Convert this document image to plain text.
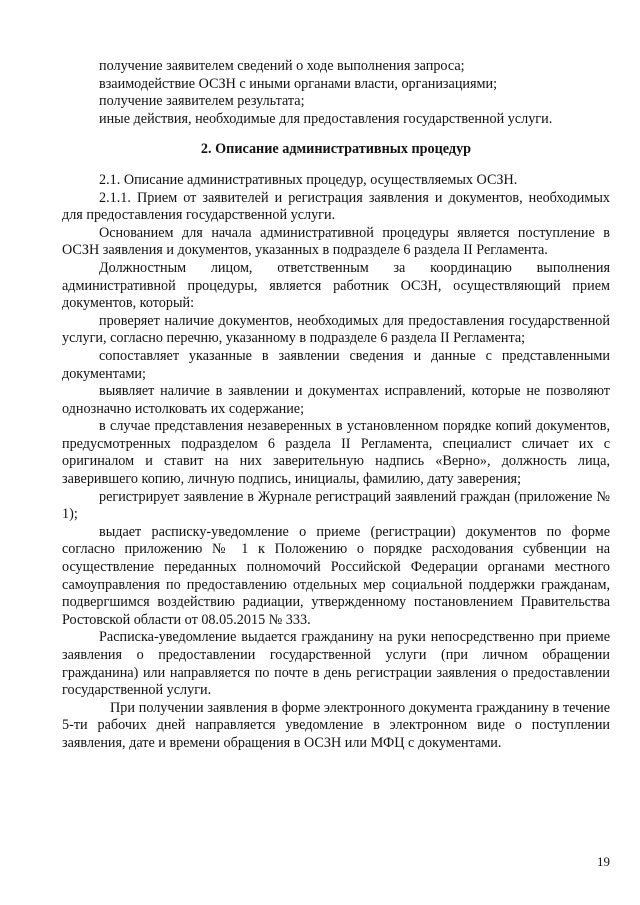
получение заявителем сведений о ходе выполнения запроса;

взаимодействие ОСЗН с иными органами власти, организациями;

получение заявителем результата;

иные действия, необходимые для предоставления государственной услуги.

2. Описание административных процедур

2.1. Описание административных процедур, осуществляемых ОСЗН.

2.1.1. Прием от заявителей и регистрация заявления и документов, необходимых для предоставления государственной услуги.

Основанием для начала административной процедуры является поступление в ОСЗН заявления и документов, указанных в подразделе 6 раздела II Регламента.

Должностным лицом, ответственным за координацию выполнения административной процедуры, является работник ОСЗН, осуществляющий прием документов, который:

проверяет наличие документов, необходимых для предоставления государственной услуги, согласно перечню, указанному в подразделе 6 раздела II Регламента;

сопоставляет указанные в заявлении сведения и данные с представленными документами;

выявляет наличие в заявлении и документах исправлений, которые не позволяют однозначно истолковать их содержание;

в случае представления незаверенных в установленном порядке копий документов, предусмотренных подразделом 6 раздела II Регламента, специалист сличает их с оригиналом и ставит на них заверительную надпись «Верно», должность лица, заверившего копию, личную подпись, инициалы, фамилию, дату заверения;

регистрирует заявление в Журнале регистраций заявлений граждан (приложение № 1);

выдает расписку-уведомление о приеме (регистрации) документов по форме согласно приложению № 1 к Положению о порядке расходования субвенции на осуществление переданных полномочий Российской Федерации органами местного самоуправления по предоставлению отдельных мер социальной поддержки гражданам, подвергшимся воздействию радиации, утвержденному постановлением Правительства Ростовской области от 08.05.2015 № 333.

Расписка-уведомление выдается гражданину на руки непосредственно при приеме заявления о предоставлении государственной услуги (при личном обращении гражданина) или направляется по почте в день регистрации заявления о предоставлении государственной услуги.

При получении заявления в форме электронного документа гражданину в течение 5-ти рабочих дней направляется уведомление в электронном виде о поступлении заявления, дате и времени обращения в ОСЗН или МФЦ с документами.

19
